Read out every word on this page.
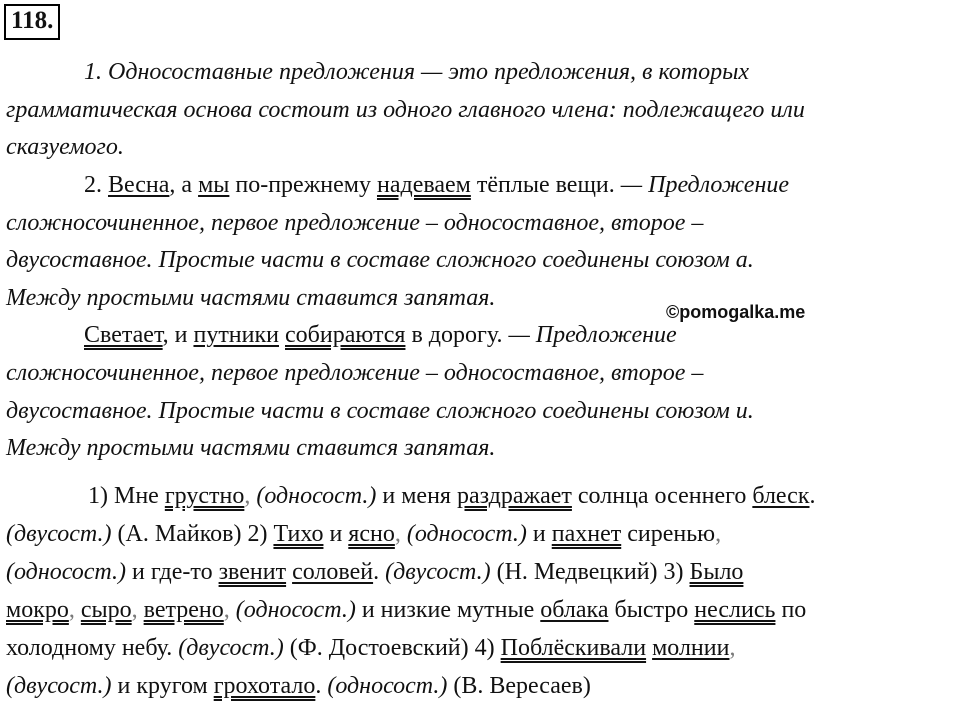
118.
1. Односоставные предложения — это предложения, в которых
грамматическая основа состоит из одного главного члена: подлежащего или
сказуемого.
2. Весна, а мы по-прежнему надеваем тёплые вещи. — Предложение
сложносочиненное, первое предложение – односоставное, второе –
двусоставное. Простые части в составе сложного соединены союзом а.
Между простыми частями ставится запятая.
©pomogalka.me
Светает, и путники собираются в дорогу. — Предложение
сложносочиненное, первое предложение – односоставное, второе –
двусоставное. Простые части в составе сложного соединены союзом и.
Между простыми частями ставится запятая.
1) Мне грустно, (односост.) и меня раздражает солнца осеннего блеск.
(двусост.) (А. Майков) 2) Тихо и ясно, (односост.) и пахнет сиренью,
(односост.) и где-то звенит соловей. (двусост.) (Н. Медвецкий) 3) Было
мокро, сыро, ветрено, (односост.) и низкие мутные облака быстро неслись по
холодному небу. (двусост.) (Ф. Достоевский) 4) Поблёскивали молнии,
(двусост.) и кругом грохотало. (односост.) (В. Вересаев)
